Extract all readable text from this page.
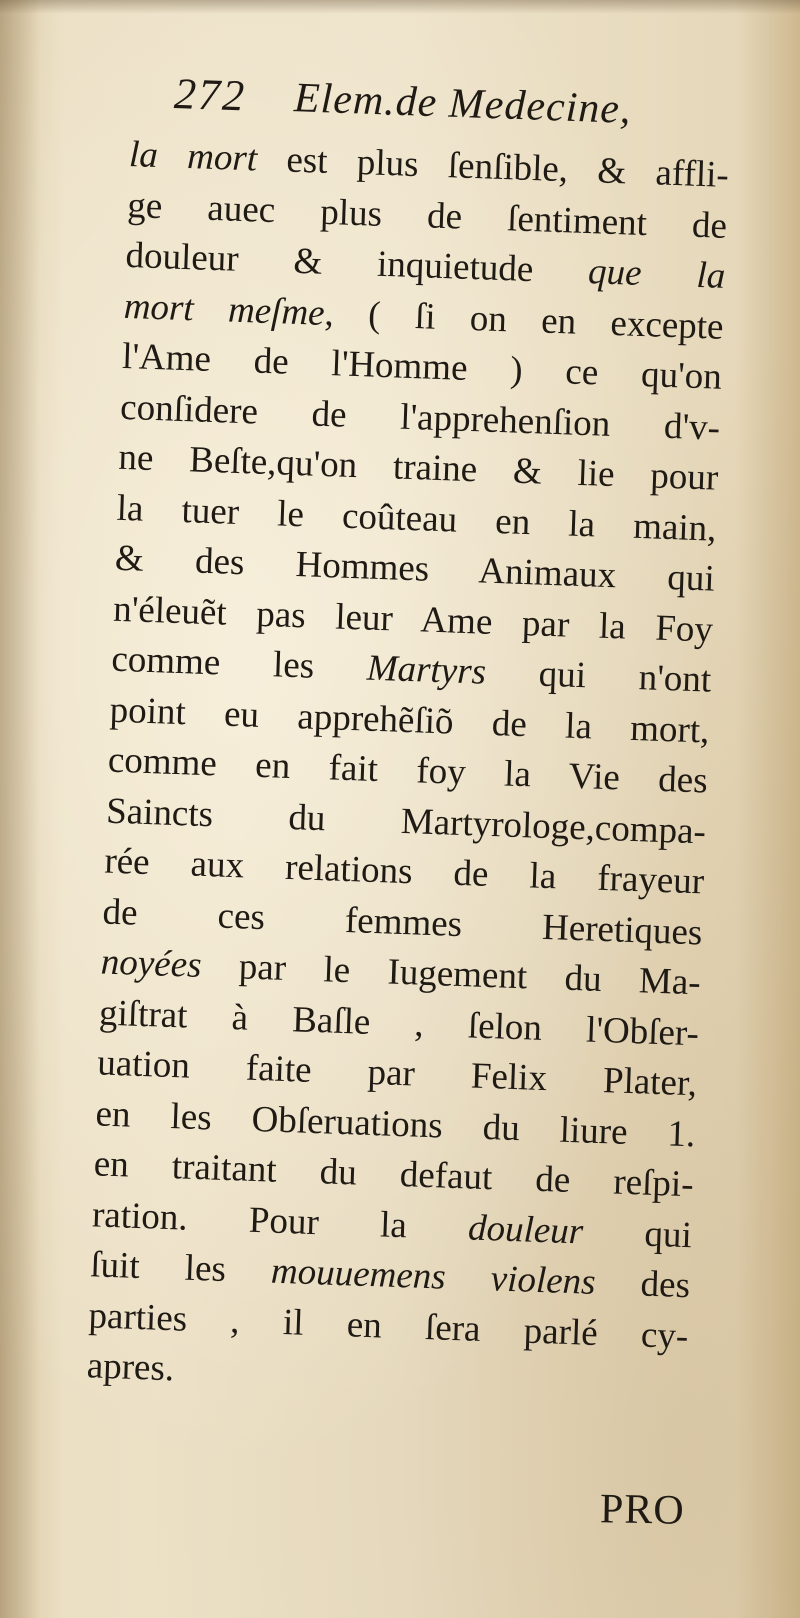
272 Elem.de Medecine,
la mort est plus ſenſible, & affli-
ge auec plus de ſentiment de
douleur & inquietude que la
mort meſme, ( ſi on en excepte
l'Ame de l'Homme ) ce qu'on
conſidere de l'apprehenſion d'v-
ne Beſte,qu'on traine & lie pour
la tuer le coûteau en la main,
& des Hommes Animaux qui
n'éleuẽt pas leur Ame par la Foy
comme les Martyrs qui n'ont
point eu apprehẽſiõ de la mort,
comme en fait foy la Vie des
Saincts du Martyrologe,compa-
rée aux relations de la frayeur
de ces femmes Heretiques
noyées par le Iugement du Ma-
giſtrat à Baſle , ſelon l'Obſer-
uation faite par Felix Plater,
en les Obſeruations du liure 1.
en traitant du defaut de reſpi-
ration. Pour la douleur qui
ſuit les mouuemens violens des
parties , il en ſera parlé cy-
apres.
PRO
